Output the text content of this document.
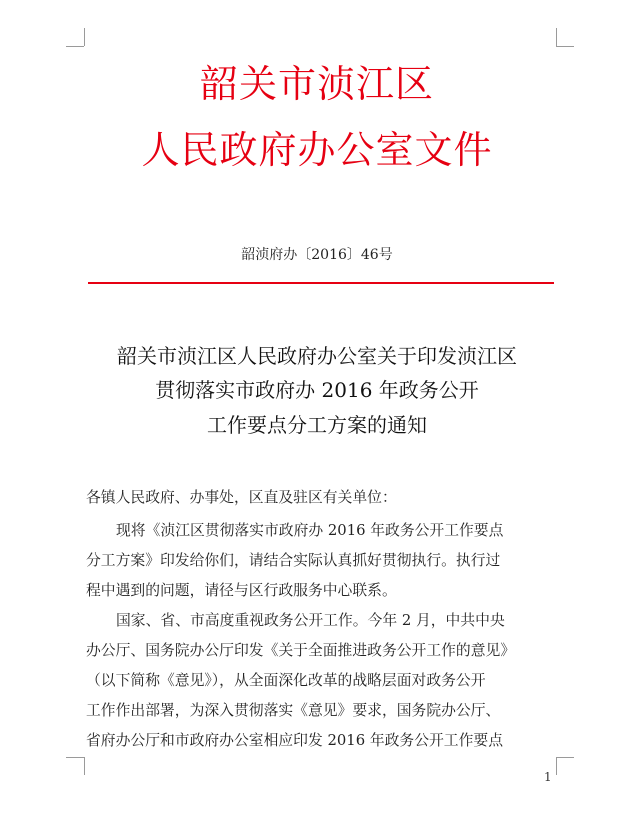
韶关市浈江区
人民政府办公室文件
韶浈府办〔2016〕46号
韶关市浈江区人民政府办公室关于印发浈江区
贯彻落实市政府办 2016 年政务公开
工作要点分工方案的通知
各镇人民政府、办事处，区直及驻区有关单位：
现将《浈江区贯彻落实市政府办 2016 年政务公开工作要点
分工方案》印发给你们，请结合实际认真抓好贯彻执行。执行过
程中遇到的问题，请径与区行政服务中心联系。
国家、省、市高度重视政务公开工作。今年 2 月，中共中央
办公厅、国务院办公厅印发《关于全面推进政务公开工作的意见》
（以下简称《意见》），从全面深化改革的战略层面对政务公开
工作作出部署，为深入贯彻落实《意见》要求，国务院办公厅、
省府办公厅和市政府办公室相应印发 2016 年政务公开工作要点
1
